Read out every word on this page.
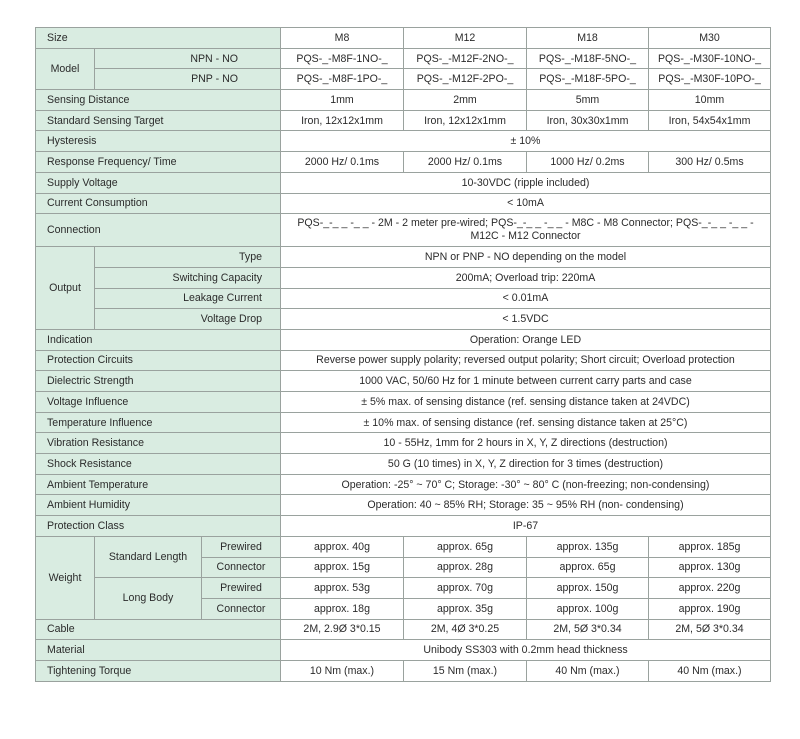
Size			M8	M12	M18	M30
Model	NPN - NO		PQS-_-M8F-1NO-_	PQS-_-M12F-2NO-_	PQS-_-M18F-5NO-_	PQS-_-M30F-10NO-_
	PNP - NO		PQS-_-M8F-1PO-_	PQS-_-M12F-2PO-_	PQS-_-M18F-5PO-_	PQS-_-M30F-10PO-_
Sensing Distance			1mm	2mm	5mm	10mm
Standard Sensing Target			Iron, 12x12x1mm	Iron, 12x12x1mm	Iron, 30x30x1mm	Iron, 54x54x1mm
Hysteresis			± 10%			
Response Frequency/ Time			2000 Hz/ 0.1ms	2000 Hz/ 0.1ms	1000 Hz/ 0.2ms	300 Hz/ 0.5ms
Supply Voltage			10-30VDC (ripple included)			
Current Consumption			< 10mA			
Connection			PQS-_-_ _ -_ _ - 2M - 2 meter pre-wired; PQS-_-_ _ -_ _ - M8C - M8 Connector; PQS-_-_ _ -_ _ - M12C - M12 Connector			
Output	Type		NPN or PNP - NO depending on the model			
	Switching Capacity		200mA; Overload trip: 220mA			
	Leakage Current		< 0.01mA			
	Voltage Drop		< 1.5VDC			
Indication			Operation: Orange LED			
Protection Circuits			Reverse power supply polarity; reversed output polarity; Short circuit; Overload protection			
Dielectric Strength			1000 VAC, 50/60 Hz for 1 minute between current carry parts and case			
Voltage Influence			± 5% max. of sensing distance (ref. sensing distance taken at 24VDC)			
Temperature Influence			± 10% max. of sensing distance (ref. sensing distance taken at 25°C)			
Vibration Resistance			10 - 55Hz, 1mm for 2 hours in X, Y, Z directions (destruction)			
Shock Resistance			50 G (10 times) in X, Y, Z direction for 3 times (destruction)			
Ambient Temperature			Operation: -25° ~ 70° C; Storage: -30° ~ 80° C (non-freezing; non-condensing)			
Ambient Humidity			Operation: 40 ~ 85% RH; Storage: 35 ~ 95% RH (non- condensing)			
Protection Class			IP-67			
Weight	Standard Length	Prewired	approx. 40g	approx. 65g	approx. 135g	approx. 185g
		Connector	approx. 15g	approx. 28g	approx. 65g	approx. 130g
	Long Body	Prewired	approx. 53g	approx. 70g	approx. 150g	approx. 220g
		Connector	approx. 18g	approx. 35g	approx. 100g	approx. 190g
Cable			2M, 2.9Ø 3*0.15	2M, 4Ø 3*0.25	2M, 5Ø 3*0.34	2M, 5Ø 3*0.34
Material			Unibody SS303 with 0.2mm head thickness			
Tightening Torque			10 Nm (max.)	15 Nm (max.)	40 Nm (max.)	40 Nm (max.)
